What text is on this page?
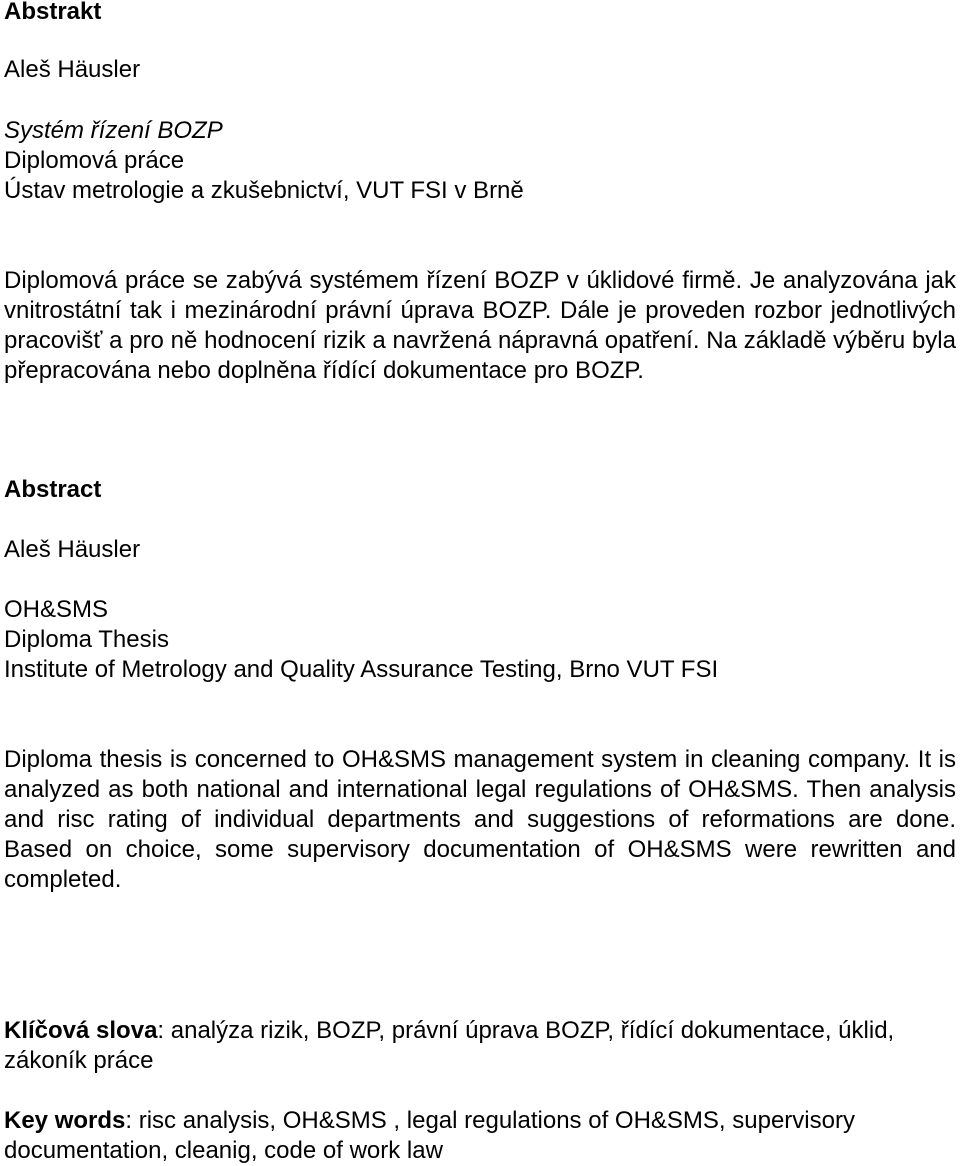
Abstrakt
Aleš Häusler
Systém řízení BOZP
Diplomová práce
Ústav metrologie a zkušebnictví, VUT FSI v Brně
Diplomová práce se zabývá systémem řízení BOZP v úklidové firmě. Je analyzována jak vnitrostátní tak i mezinárodní právní úprava BOZP. Dále je proveden rozbor jednotlivých pracovišť a pro ně hodnocení rizik a navržená nápravná opatření. Na základě výběru byla přepracována nebo doplněna řídící dokumentace pro BOZP.
Abstract
Aleš Häusler
OH&SMS
Diploma Thesis
Institute of Metrology and Quality Assurance Testing, Brno VUT FSI
Diploma thesis is concerned to OH&SMS management system in cleaning company. It is analyzed as both national and international legal regulations of OH&SMS. Then analysis and risc rating of individual departments and suggestions of reformations are done. Based on choice, some supervisory documentation of OH&SMS were rewritten and completed.
Klíčová slova: analýza rizik, BOZP, právní úprava BOZP, řídící dokumentace, úklid, zákoník práce
Key words: risc analysis, OH&SMS , legal regulations of OH&SMS, supervisory documentation, cleanig, code of work law
